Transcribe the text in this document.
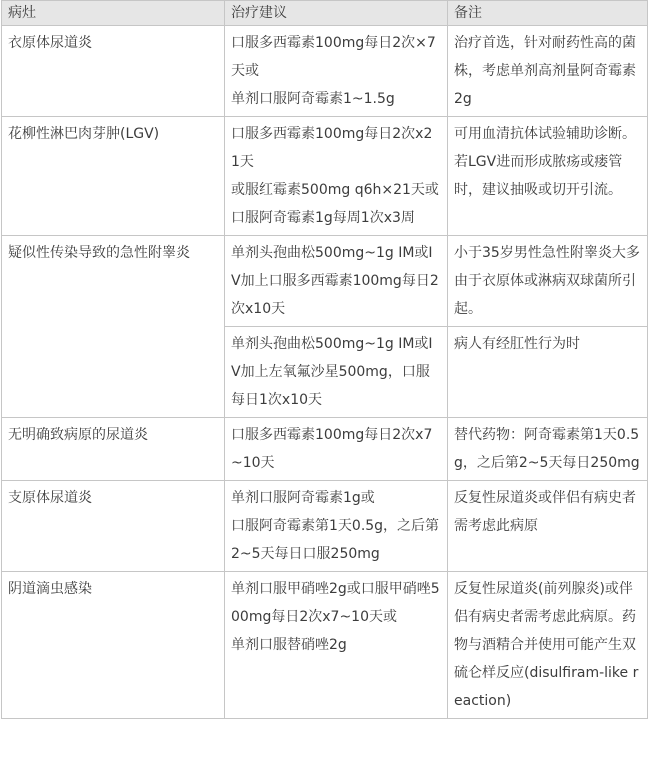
病灶	治疗建议	备注
衣原体尿道炎	口服多西霉素100mg每日2次×7天或
单剂口服阿奇霉素1~1.5g	治疗首选，针对耐药性高的菌株，考虑单剂高剂量阿奇霉素2g
花柳性淋巴肉芽肿(LGV)	口服多西霉素100mg每日2次x21天
或服红霉素500mg q6h×21天或
口服阿奇霉素1g每周1次x3周	可用血清抗体试验辅助诊断。若LGV进而形成脓疡或瘘管时，建议抽吸或切开引流。
疑似性传染导致的急性附睾炎	单剂头孢曲松500mg~1g IM或IV加上口服多西霉素100mg每日2次x10天	小于35岁男性急性附睾炎大多由于衣原体或淋病双球菌所引起。

	单剂头孢曲松500mg~1g IM或IV加上左氧氟沙星500mg，口服每日1次x10天	病人有经肛性行为时
无明确致病原的尿道炎	口服多西霉素100mg每日2次x7~10天	替代药物：阿奇霉素第1天0.5g，之后第2~5天每日250mg
支原体尿道炎	单剂口服阿奇霉素1g或
口服阿奇霉素第1天0.5g，之后第2~5天每日口服250mg	反复性尿道炎或伴侣有病史者需考虑此病原
阴道滴虫感染	单剂口服甲硝唑2g或口服甲硝唑500mg每日2次x7~10天或
单剂口服替硝唑2g	反复性尿道炎(前列腺炎)或伴侣有病史者需考虑此病原。药物与酒精合并使用可能产生双硫仑样反应(disulfiram-like reaction)
